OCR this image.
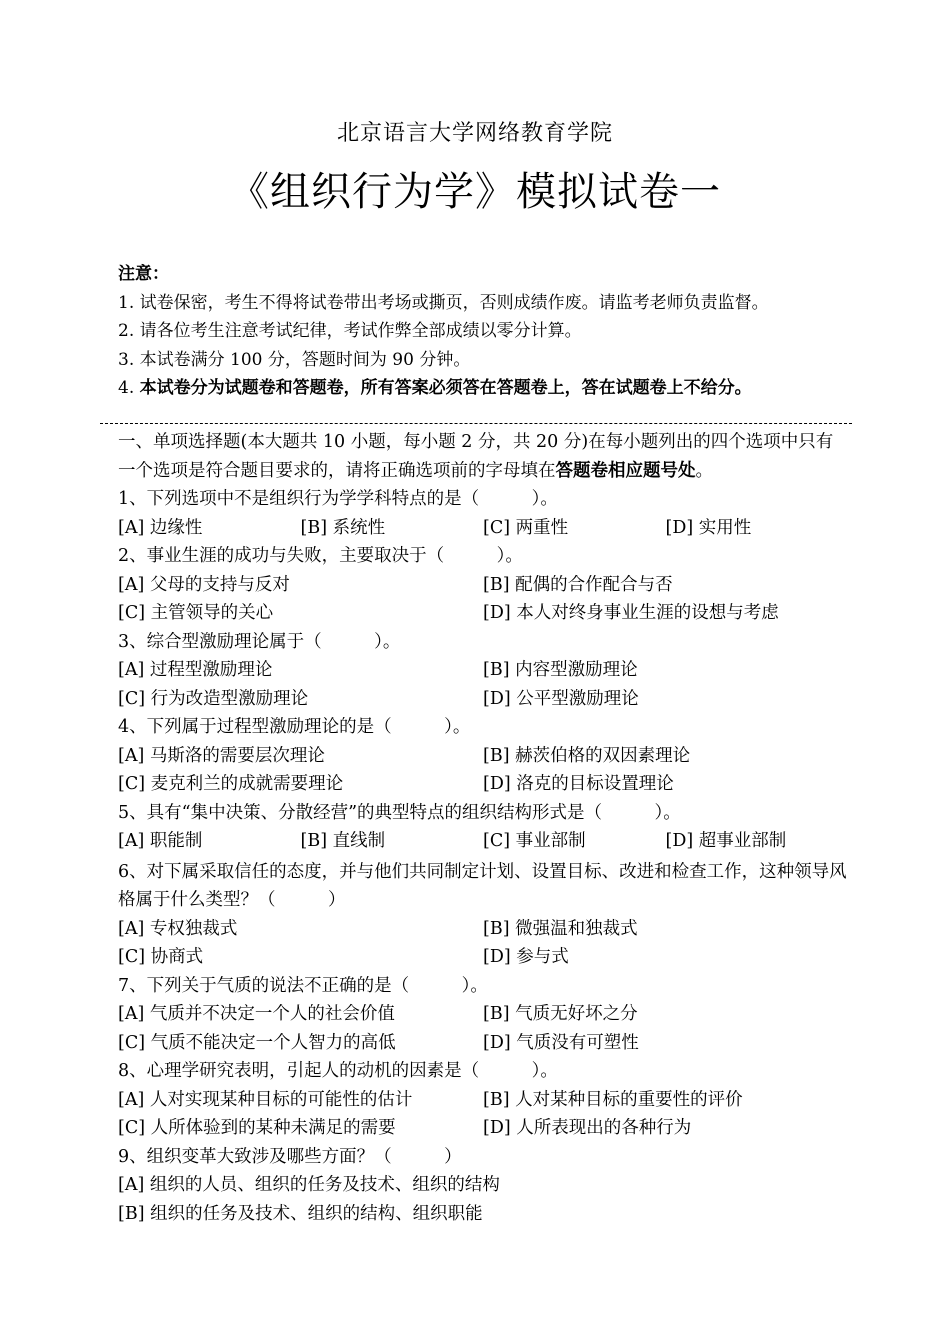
北京语言大学网络教育学院
《组织行为学》模拟试卷一
注意：
1. 试卷保密，考生不得将试卷带出考场或撕页，否则成绩作废。请监考老师负责监督。
2. 请各位考生注意考试纪律，考试作弊全部成绩以零分计算。
3. 本试卷满分 100 分，答题时间为 90 分钟。
4. 本试卷分为试题卷和答题卷，所有答案必须答在答题卷上，答在试题卷上不给分。
一、单项选择题(本大题共 10 小题，每小题 2 分，共 20 分)在每小题列出的四个选项中只有一个选项是符合题目要求的，请将正确选项前的字母填在答题卷相应题号处。
1、下列选项中不是组织行为学学科特点的是（　　　）。
[A] 边缘性	[B] 系统性	[C] 两重性	[D] 实用性
2、事业生涯的成功与失败，主要取决于（　　　）。
[A] 父母的支持与反对	[B] 配偶的合作配合与否
[C] 主管领导的关心	[D] 本人对终身事业生涯的设想与考虑
3、综合型激励理论属于（　　　）。
[A] 过程型激励理论	[B] 内容型激励理论
[C] 行为改造型激励理论	[D] 公平型激励理论
4、下列属于过程型激励理论的是（　　　）。
[A] 马斯洛的需要层次理论	[B] 赫茨伯格的双因素理论
[C] 麦克利兰的成就需要理论	[D] 洛克的目标设置理论
5、具有“集中决策、分散经营”的典型特点的组织结构形式是（　　　）。
[A] 职能制	[B] 直线制	[C] 事业部制	[D] 超事业部制
6、对下属采取信任的态度，并与他们共同制定计划、设置目标、改进和检查工作，这种领导风格属于什么类型？（　　　）
[A] 专权独裁式	[B] 微强温和独裁式
[C] 协商式	[D] 参与式
7、下列关于气质的说法不正确的是（　　　）。
[A] 气质并不决定一个人的社会价值	[B] 气质无好坏之分
[C] 气质不能决定一个人智力的高低	[D] 气质没有可塑性
8、心理学研究表明，引起人的动机的因素是（　　　）。
[A] 人对实现某种目标的可能性的估计	[B] 人对某种目标的重要性的评价
[C] 人所体验到的某种未满足的需要	[D] 人所表现出的各种行为
9、组织变革大致涉及哪些方面？（　　　）
[A] 组织的人员、组织的任务及技术、组织的结构
[B] 组织的任务及技术、组织的结构、组织职能
